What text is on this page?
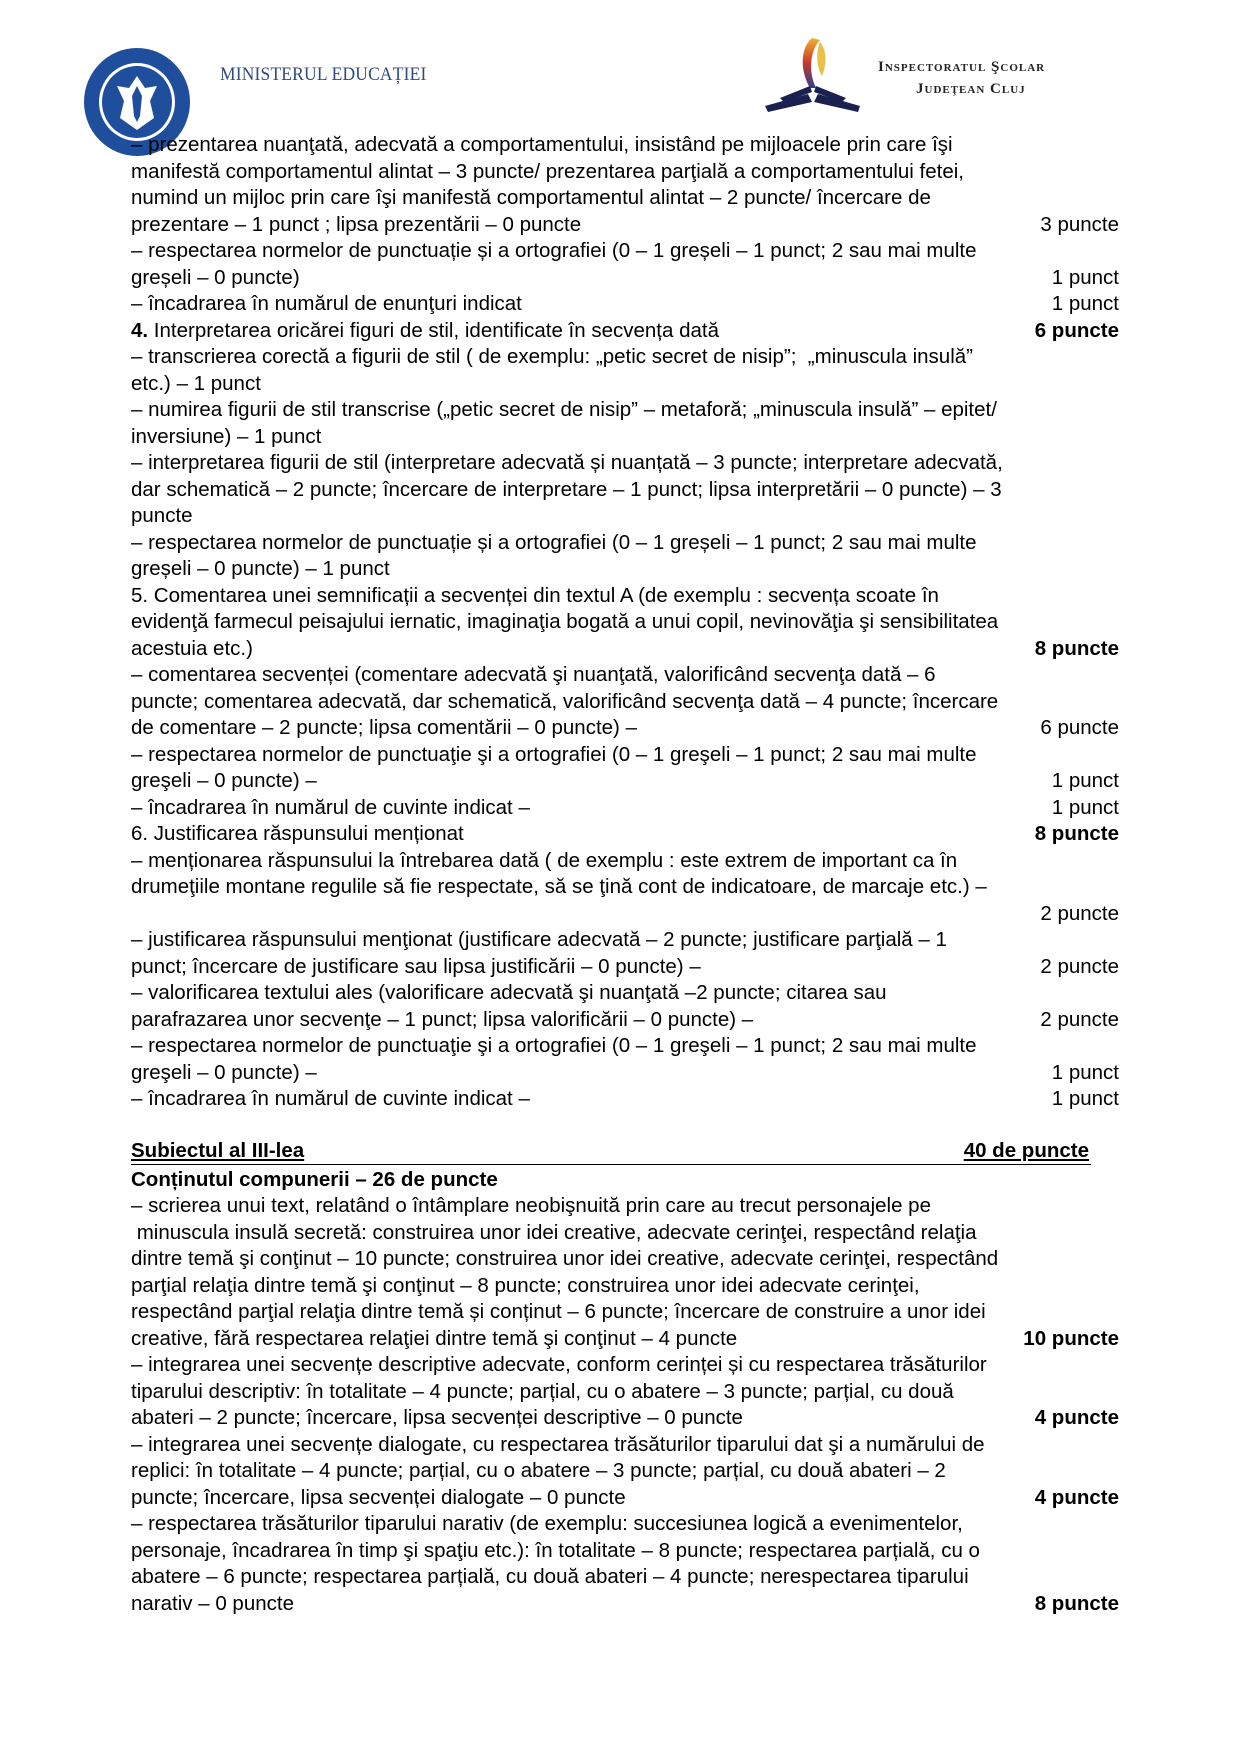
MINISTERUL EDUCAȚIEI	Inspectoratul Şcolar
Judeţean Cluj
– prezentarea nuanţată, adecvată a comportamentului, insistând pe mijloacele prin care îşi
manifestă comportamentul alintat – 3 puncte/ prezentarea parţială a comportamentului fetei,
numind un mijloc prin care îşi manifestă comportamentul alintat – 2 puncte/ încercare de
prezentare – 1 punct ; lipsa prezentării – 0 puncte	3 puncte
– respectarea normelor de punctuație și a ortografiei (0 – 1 greșeli – 1 punct; 2 sau mai multe
greșeli – 0 puncte)	1 punct
– încadrarea în numărul de enunţuri indicat	1 punct
4. Interpretarea oricărei figuri de stil, identificate în secvența dată	6 puncte
– transcrierea corectă a figurii de stil ( de exemplu: „petic secret de nisip”;  „minuscula insulă”
etc.) – 1 punct
– numirea figurii de stil transcrise („petic secret de nisip” – metaforă; „minuscula insulă” – epitet/
inversiune) – 1 punct
– interpretarea figurii de stil (interpretare adecvată și nuanțată – 3 puncte; interpretare adecvată,
dar schematică – 2 puncte; încercare de interpretare – 1 punct; lipsa interpretării – 0 puncte) – 3
puncte
– respectarea normelor de punctuație și a ortografiei (0 – 1 greșeli – 1 punct; 2 sau mai multe
greșeli – 0 puncte) – 1 punct
5. Comentarea unei semnificații a secvenței din textul A (de exemplu : secvența scoate în
evidenţă farmecul peisajului iernatic, imaginaţia bogată a unui copil, nevinovăţia şi sensibilitatea
acestuia etc.)	8 puncte
– comentarea secvenței (comentare adecvată şi nuanţată, valorificând secvenţa dată – 6
puncte; comentarea adecvată, dar schematică, valorificând secvenţa dată – 4 puncte; încercare
de comentare – 2 puncte; lipsa comentării – 0 puncte) –	6 puncte
– respectarea normelor de punctuaţie şi a ortografiei (0 – 1 greşeli – 1 punct; 2 sau mai multe
greşeli – 0 puncte) –	1 punct
– încadrarea în numărul de cuvinte indicat –	1 punct
6. Justificarea răspunsului menționat	8 puncte
– menționarea răspunsului la întrebarea dată ( de exemplu : este extrem de important ca în
drumeţiile montane regulile să fie respectate, să se ţină cont de indicatoare, de marcaje etc.) –
2 puncte
– justificarea răspunsului menţionat (justificare adecvată – 2 puncte; justificare parţială – 1
punct; încercare de justificare sau lipsa justificării – 0 puncte) –	2 puncte
– valorificarea textului ales (valorificare adecvată şi nuanţată –2 puncte; citarea sau
parafrazarea unor secvenţe – 1 punct; lipsa valorificării – 0 puncte) –	2 puncte
– respectarea normelor de punctuaţie şi a ortografiei (0 – 1 greşeli – 1 punct; 2 sau mai multe
greşeli – 0 puncte) –	1 punct
– încadrarea în numărul de cuvinte indicat –	1 punct
Subiectul al III-lea	40 de puncte
Conținutul compunerii – 26 de puncte
– scrierea unui text, relatând o întâmplare neobişnuită prin care au trecut personajele pe
minuscula insulă secretă: construirea unor idei creative, adecvate cerinţei, respectând relaţia
dintre temă şi conţinut – 10 puncte; construirea unor idei creative, adecvate cerinţei, respectând
parţial relaţia dintre temă şi conţinut – 8 puncte; construirea unor idei adecvate cerinţei,
respectând parţial relaţia dintre temă și conținut – 6 puncte; încercare de construire a unor idei
creative, fără respectarea relaţiei dintre temă şi conţinut – 4 puncte	10 puncte
– integrarea unei secvențe descriptive adecvate, conform cerinței și cu respectarea trăsăturilor
tiparului descriptiv: în totalitate – 4 puncte; parțial, cu o abatere – 3 puncte; parțial, cu două
abateri – 2 puncte; încercare, lipsa secvenței descriptive – 0 puncte	4 puncte
– integrarea unei secvențe dialogate, cu respectarea trăsăturilor tiparului dat şi a numărului de
replici: în totalitate – 4 puncte; parțial, cu o abatere – 3 puncte; parțial, cu două abateri – 2
puncte; încercare, lipsa secvenței dialogate – 0 puncte	4 puncte
– respectarea trăsăturilor tiparului narativ (de exemplu: succesiunea logică a evenimentelor,
personaje, încadrarea în timp şi spaţiu etc.): în totalitate – 8 puncte; respectarea parțială, cu o
abatere – 6 puncte; respectarea parțială, cu două abateri – 4 puncte; nerespectarea tiparului
narativ – 0 puncte	8 puncte
